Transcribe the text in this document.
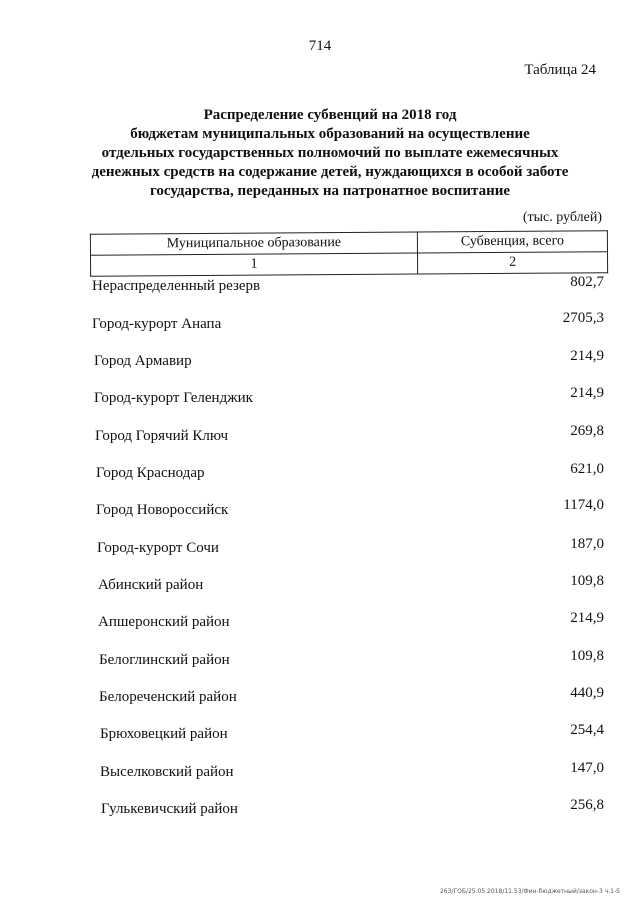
714
Таблица 24
Распределение субвенций на 2018 год
бюджетам муниципальных образований на осуществление
отдельных государственных полномочий по выплате ежемесячных
денежных средств на содержание детей, нуждающихся в особой заботе
государства, переданных на патронатное воспитание
(тыс. рублей)
Муниципальное образование	Субвенция, всего
1	2
Нераспределенный резерв	802,7
Город-курорт Анапа	2705,3
Город Армавир	214,9
Город-курорт Геленджик	214,9
Город Горячий Ключ	269,8
Город Краснодар	621,0
Город Новороссийск	1174,0
Город-курорт Сочи	187,0
Абинский район	109,8
Апшеронский район	214,9
Белоглинский район	109,8
Белореченский район	440,9
Брюховецкий район	254,4
Выселковский район	147,0
Гулькевичский район	256,8
263/ГОБ/25.05.2018/11.53/Фин-бюджетный/закон-3 ч.1-5
